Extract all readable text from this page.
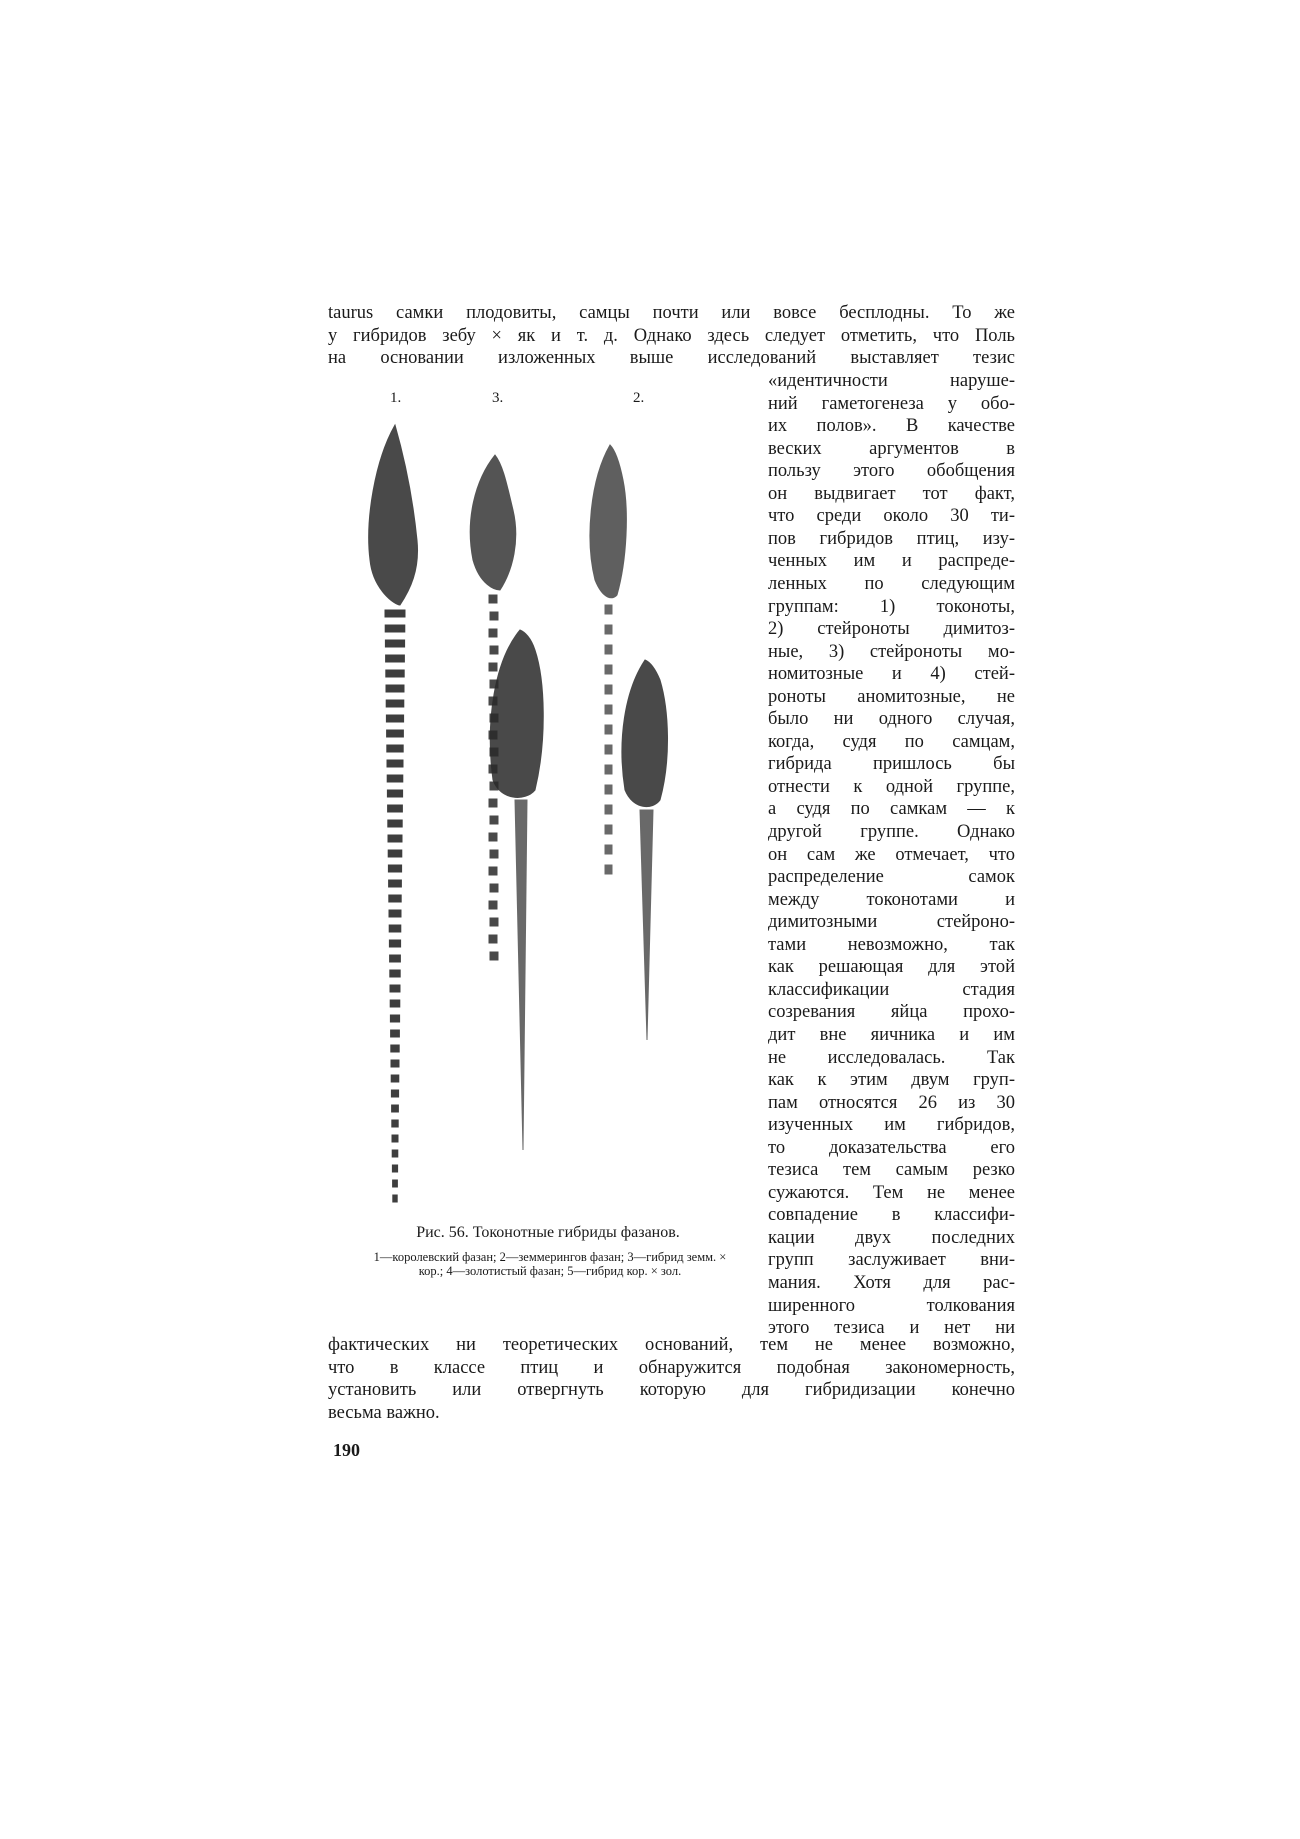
taurus самки плодовиты, самцы почти или вовсе бесплодны. То же
у гибридов зебу × як и т. д. Однако здесь следует отметить, что Поль
на основании изложенных выше исследований выставляет тезис
«идентичности наруше-
ний гаметогенеза у обо-
их полов». В качестве
веских аргументов в
пользу этого обобщения
он выдвигает тот факт,
что среди около 30 ти-
пов гибридов птиц, изу-
ченных им и распреде-
ленных по следующим
группам: 1) токоноты,
2) стейроноты димитоз-
ные, 3) стейроноты мо-
номитозные и 4) стей-
роноты аномитозные, не
было ни одного случая,
когда, судя по самцам,
гибрида пришлось бы
отнести к одной группе,
а судя по самкам — к
другой группе. Однако
он сам же отмечает, что
распределение самок
между токонотами и
димитозными стейроно-
тами невозможно, так
как решающая для этой
классификации стадия
созревания яйца прохо-
дит вне яичника и им
не исследовалась. Так
как к этим двум груп-
пам относятся 26 из 30
изученных им гибридов,
то доказательства его
тезиса тем самым резко
сужаются. Тем не менее
совпадение в классифи-
кации двух последних
групп заслуживает вни-
мания. Хотя для рас-
ширенного толкования
этого тезиса и нет ни
фактических ни теоретических оснований, тем не менее возможно,
что в классе птиц и обнаружится подобная закономерность,
установить или отвергнуть которую для гибридизации конечно
весьма важно.
1.	3.	2.
Рис. 56. Токонотные гибриды фазанов.
1—королевский фазан; 2—земмерингов фазан; 3—гибрид земм. × кор.; 4—золотистый фазан; 5—гибрид кор. × зол.
190
